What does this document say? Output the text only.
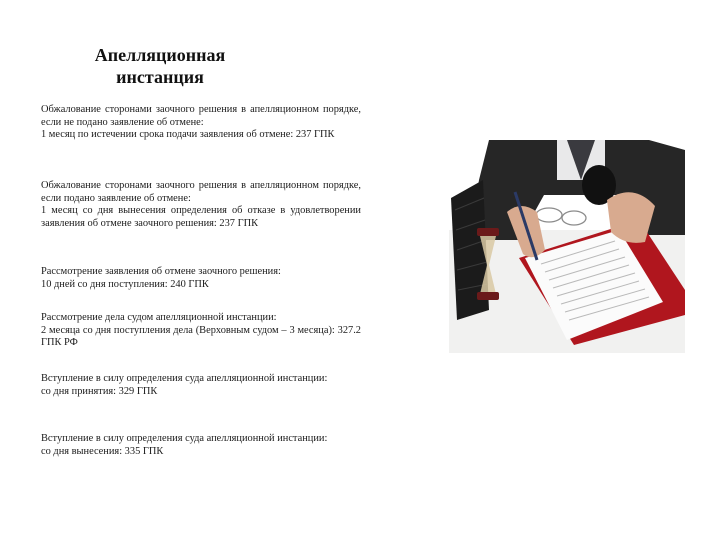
Апелляционная
инстанция

Обжалование сторонами заочного решения в апелляционном порядке, если не подано заявление об отмене:

1 месяц по истечении срока подачи заявления об отмене: 237 ГПК

Обжалование сторонами заочного решения в апелляционном порядке, если подано заявление об отмене:

1 месяц со дня вынесения определения об отказе в удовлетворении заявления об отмене заочного решения: 237 ГПК

Рассмотрение заявления об отмене заочного решения:

10 дней со дня поступления: 240 ГПК

Рассмотрение дела судом апелляционной инстанции:

2 месяца со дня поступления дела (Верховным судом – 3 месяца): 327.2 ГПК РФ

Вступление в силу определения суда апелляционной инстанции:

со дня принятия: 329 ГПК

Вступление в силу определения суда апелляционной инстанции:

со дня вынесения: 335 ГПК
